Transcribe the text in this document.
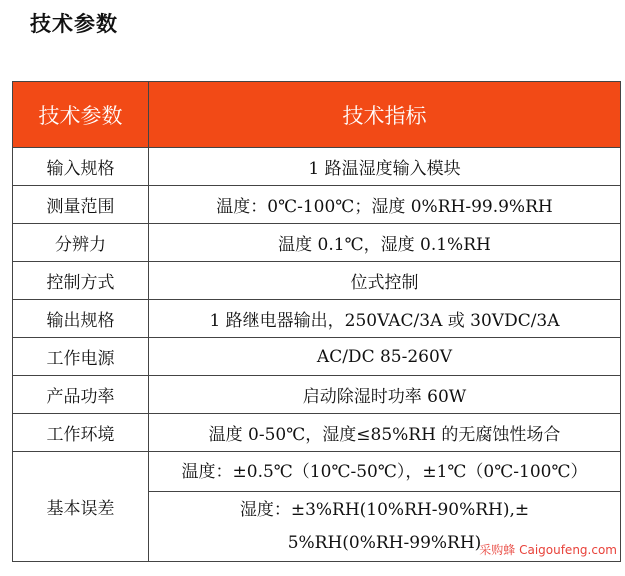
技术参数
技术参数	技术指标
输入规格	1 路温湿度输入模块
测量范围	温度：0℃-100℃；湿度 0%RH-99.9%RH
分辨力	温度 0.1℃，湿度 0.1%RH
控制方式	位式控制
输出规格	1 路继电器输出，250VAC/3A 或 30VDC/3A
工作电源	AC/DC 85-260V
产品功率	启动除湿时功率 60W
工作环境	温度 0-50℃，湿度≤85%RH 的无腐蚀性场合
基本误差	温度：±0.5℃（10℃-50℃），±1℃（0℃-100℃）
湿度：±3%RH(10%RH-90%RH),±
5%RH(0%RH-99%RH)
采购蜂 Caigoufeng.com
